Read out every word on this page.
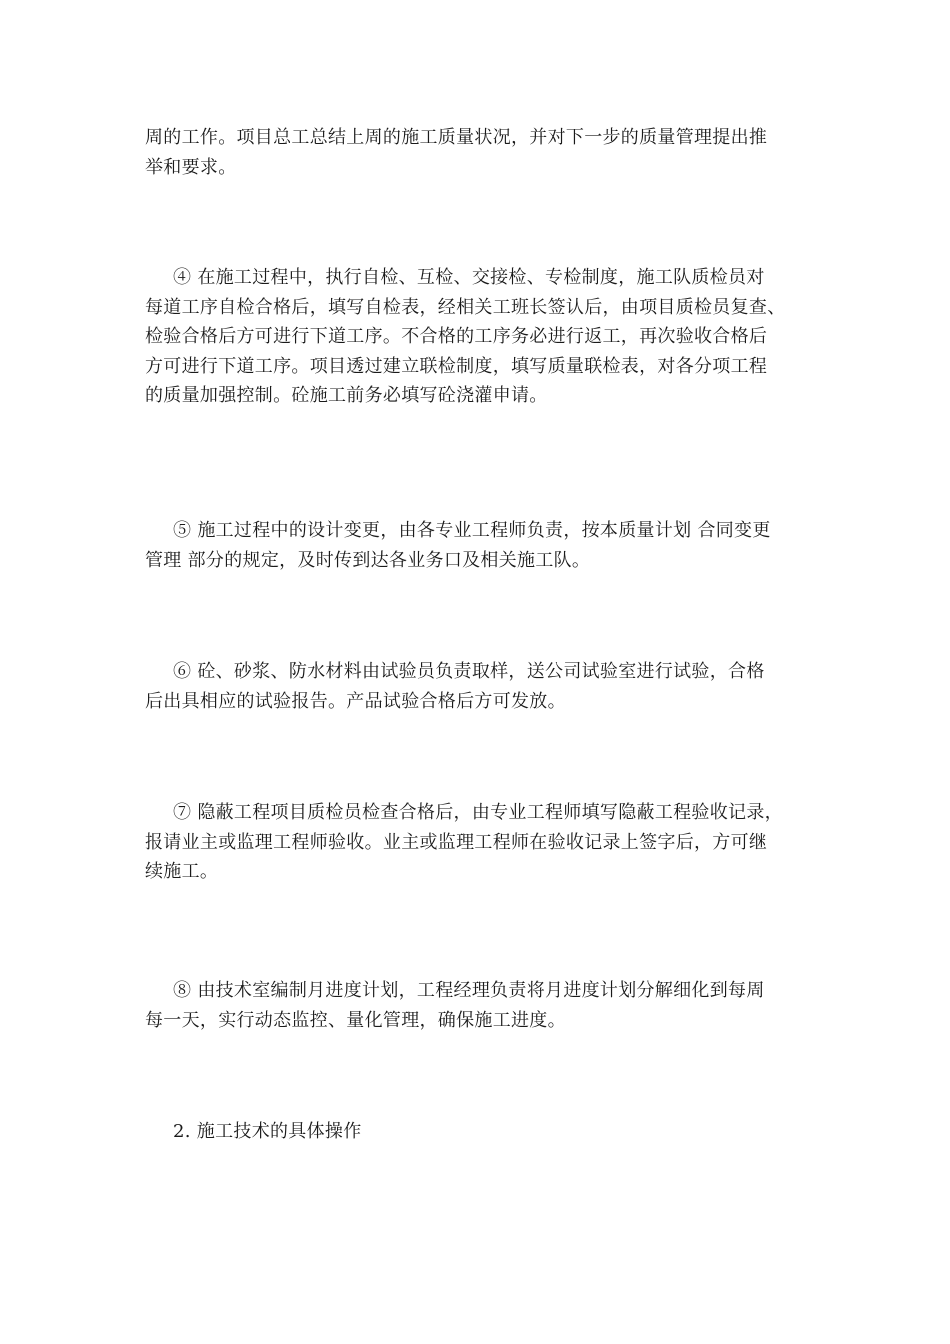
周的工作。项目总工总结上周的施工质量状况，并对下一步的质量管理提出推
举和要求。

④ 在施工过程中，执行自检、互检、交接检、专检制度，施工队质检员对
每道工序自检合格后，填写自检表，经相关工班长签认后，由项目质检员复查、
检验合格后方可进行下道工序。不合格的工序务必进行返工，再次验收合格后
方可进行下道工序。项目透过建立联检制度，填写质量联检表，对各分项工程
的质量加强控制。砼施工前务必填写砼浇灌申请。

⑤ 施工过程中的设计变更，由各专业工程师负责，按本质量计划 合同变更
管理 部分的规定，及时传到达各业务口及相关施工队。

⑥ 砼、砂浆、防水材料由试验员负责取样，送公司试验室进行试验，合格
后出具相应的试验报告。产品试验合格后方可发放。

⑦ 隐蔽工程项目质检员检查合格后，由专业工程师填写隐蔽工程验收记录，
报请业主或监理工程师验收。业主或监理工程师在验收记录上签字后，方可继
续施工。

⑧ 由技术室编制月进度计划，工程经理负责将月进度计划分解细化到每周
每一天，实行动态监控、量化管理，确保施工进度。

2. 施工技术的具体操作
